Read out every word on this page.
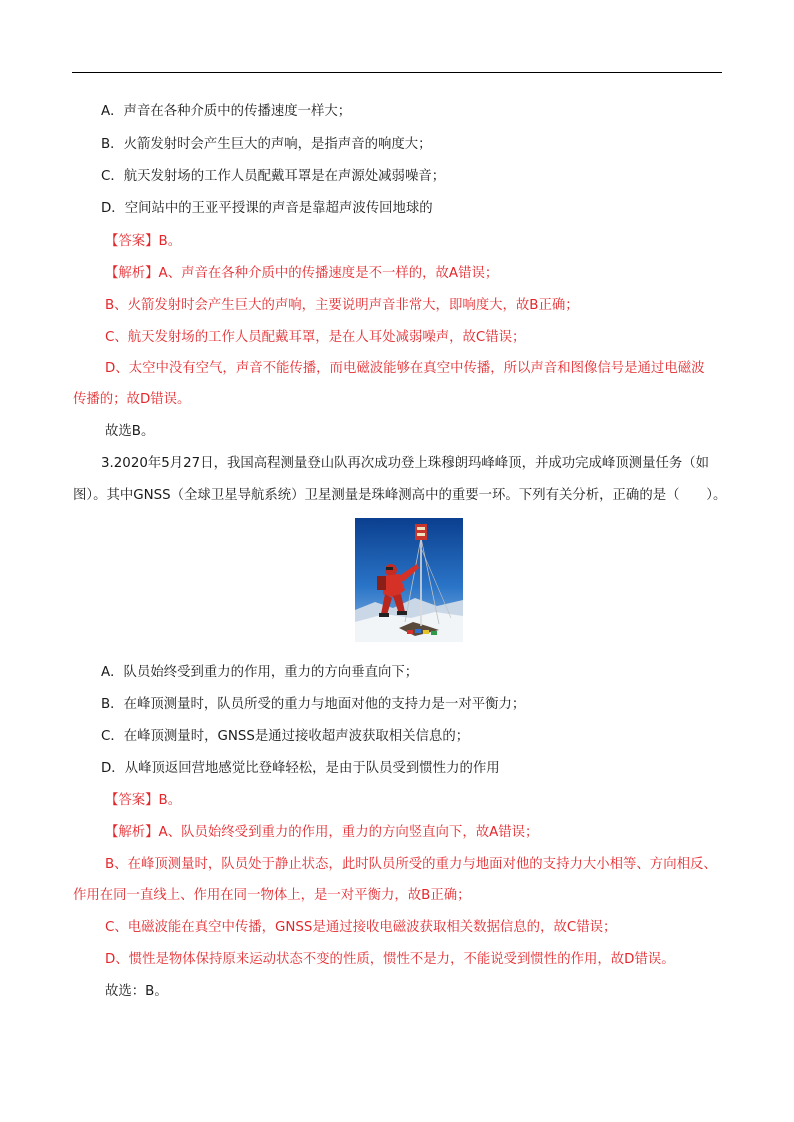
A．声音在各种介质中的传播速度一样大；
B．火箭发射时会产生巨大的声响，是指声音的响度大；
C．航天发射场的工作人员配戴耳罩是在声源处减弱噪音；
D．空间站中的王亚平授课的声音是靠超声波传回地球的
【答案】B。
【解析】A、声音在各种介质中的传播速度是不一样的，故A错误；
B、火箭发射时会产生巨大的声响，主要说明声音非常大，即响度大，故B正确；
C、航天发射场的工作人员配戴耳罩，是在人耳处减弱噪声，故C错误；
D、太空中没有空气，声音不能传播，而电磁波能够在真空中传播，所以声音和图像信号是通过电磁波
传播的；故D错误。
故选B。
3.2020年5月27日，我国高程测量登山队再次成功登上珠穆朗玛峰峰顶，并成功完成峰顶测量任务（如
图）。其中GNSS（全球卫星导航系统）卫星测量是珠峰测高中的重要一环。下列有关分析，正确的是（　　）。
A．队员始终受到重力的作用，重力的方向垂直向下；
B．在峰顶测量时，队员所受的重力与地面对他的支持力是一对平衡力；
C．在峰顶测量时，GNSS是通过接收超声波获取相关信息的；
D．从峰顶返回营地感觉比登峰轻松，是由于队员受到惯性力的作用
【答案】B。
【解析】A、队员始终受到重力的作用，重力的方向竖直向下，故A错误；
B、在峰顶测量时，队员处于静止状态，此时队员所受的重力与地面对他的支持力大小相等、方向相反、
作用在同一直线上、作用在同一物体上，是一对平衡力，故B正确；
C、电磁波能在真空中传播，GNSS是通过接收电磁波获取相关数据信息的，故C错误；
D、惯性是物体保持原来运动状态不变的性质，惯性不是力，不能说受到惯性的作用，故D错误。
故选：B。
